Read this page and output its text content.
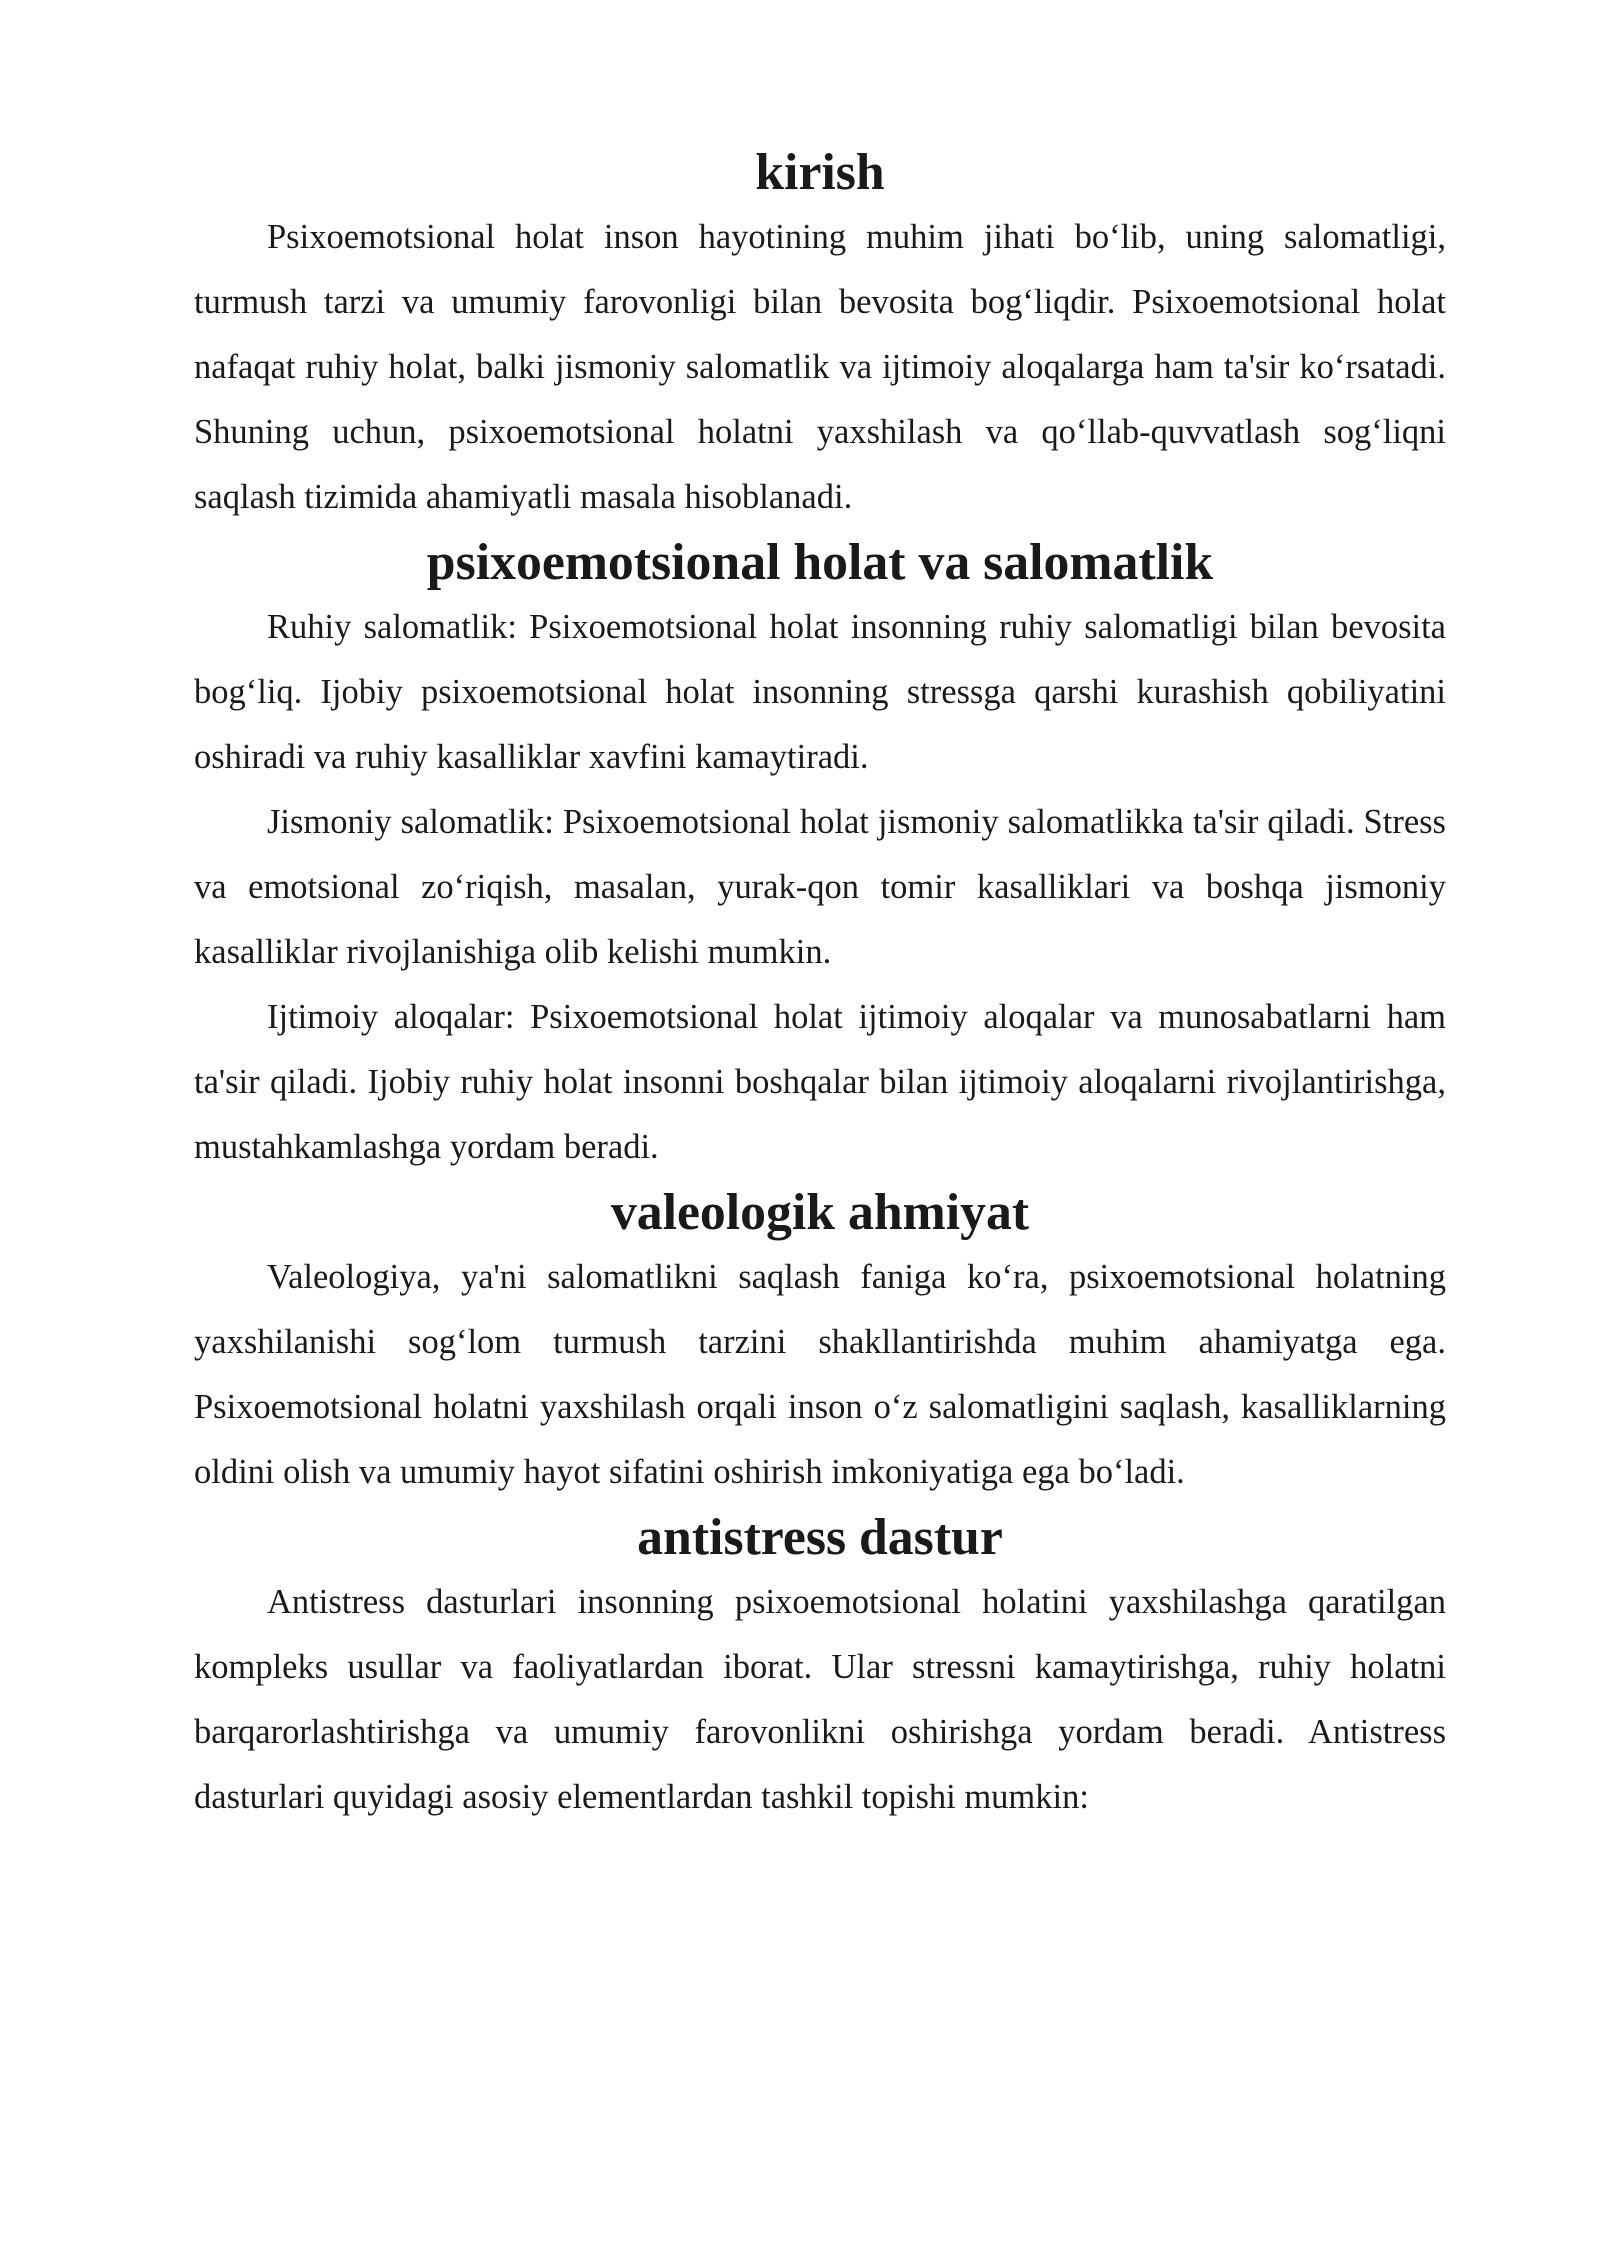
kirish

Psixoemotsional holat inson hayotining muhim jihati bo‘lib, uning salomatligi, turmush tarzi va umumiy farovonligi bilan bevosita bog‘liqdir. Psixoemotsional holat nafaqat ruhiy holat, balki jismoniy salomatlik va ijtimoiy aloqalarga ham ta'sir ko‘rsatadi. Shuning uchun, psixoemotsional holatni yaxshilash va qo‘llab-quvvatlash sog‘liqni saqlash tizimida ahamiyatli masala hisoblanadi.

psixoemotsional holat va salomatlik

Ruhiy salomatlik: Psixoemotsional holat insonning ruhiy salomatligi bilan bevosita bog‘liq. Ijobiy psixoemotsional holat insonning stressga qarshi kurashish qobiliyatini oshiradi va ruhiy kasalliklar xavfini kamaytiradi.

Jismoniy salomatlik: Psixoemotsional holat jismoniy salomatlikka ta'sir qiladi. Stress va emotsional zo‘riqish, masalan, yurak-qon tomir kasalliklari va boshqa jismoniy kasalliklar rivojlanishiga olib kelishi mumkin.

Ijtimoiy aloqalar: Psixoemotsional holat ijtimoiy aloqalar va munosabatlarni ham ta'sir qiladi. Ijobiy ruhiy holat insonni boshqalar bilan ijtimoiy aloqalarni rivojlantirishga, mustahkamlashga yordam beradi.

valeologik ahmiyat

Valeologiya, ya'ni salomatlikni saqlash faniga ko‘ra, psixoemotsional holatning yaxshilanishi sog‘lom turmush tarzini shakllantirishda muhim ahamiyatga ega. Psixoemotsional holatni yaxshilash orqali inson o‘z salomatligini saqlash, kasalliklarning oldini olish va umumiy hayot sifatini oshirish imkoniyatiga ega bo‘ladi.

antistress dastur

Antistress dasturlari insonning psixoemotsional holatini yaxshilashga qaratilgan kompleks usullar va faoliyatlardan iborat. Ular stressni kamaytirishga, ruhiy holatni barqarorlashtirishga va umumiy farovonlikni oshirishga yordam beradi. Antistress dasturlari quyidagi asosiy elementlardan tashkil topishi mumkin:
